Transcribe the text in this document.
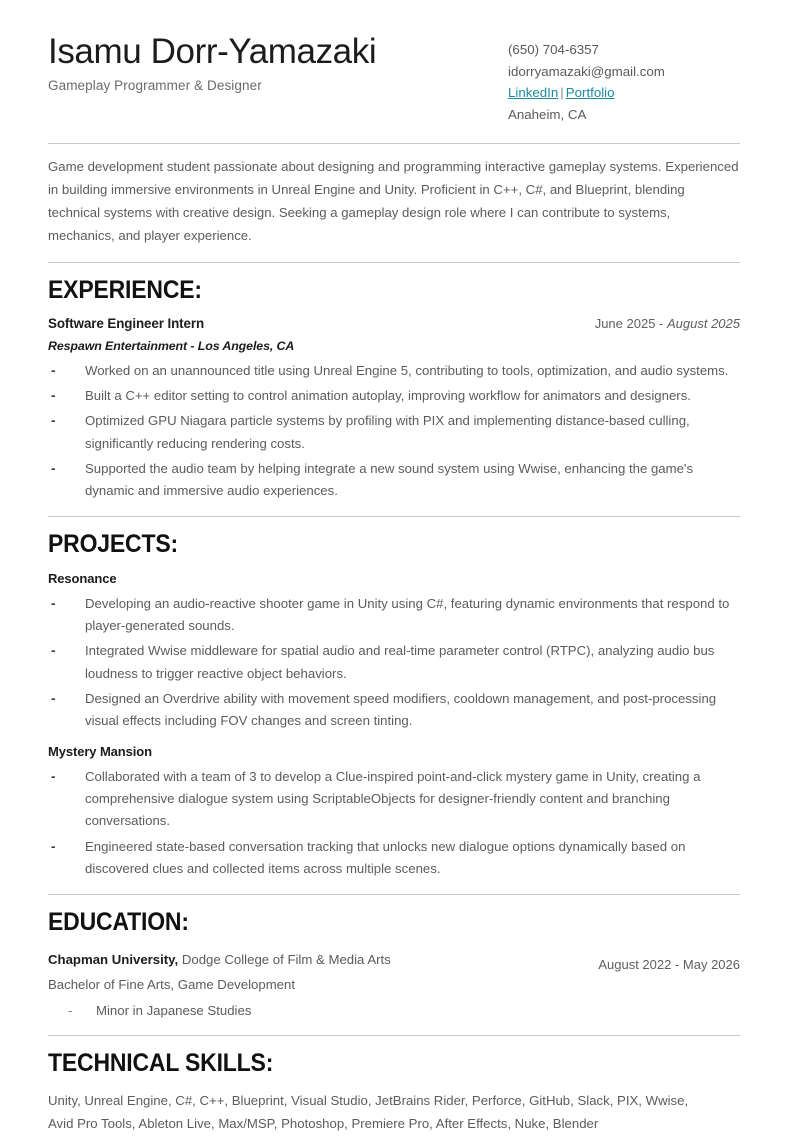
Isamu Dorr-Yamazaki
Gameplay Programmer & Designer
(650) 704-6357
idorryamazaki@gmail.com
LinkedIn | Portfolio
Anaheim, CA
Game development student passionate about designing and programming interactive gameplay systems. Experienced in building immersive environments in Unreal Engine and Unity. Proficient in C++, C#, and Blueprint, blending technical systems with creative design. Seeking a gameplay design role where I can contribute to systems, mechanics, and player experience.
EXPERIENCE:
Software Engineer Intern	June 2025 - August 2025
Respawn Entertainment - Los Angeles, CA
- Worked on an unannounced title using Unreal Engine 5, contributing to tools, optimization, and audio systems.
- Built a C++ editor setting to control animation autoplay, improving workflow for animators and designers.
- Optimized GPU Niagara particle systems by profiling with PIX and implementing distance-based culling, significantly reducing rendering costs.
- Supported the audio team by helping integrate a new sound system using Wwise, enhancing the game's dynamic and immersive audio experiences.
PROJECTS:
Resonance
- Developing an audio-reactive shooter game in Unity using C#, featuring dynamic environments that respond to player-generated sounds.
- Integrated Wwise middleware for spatial audio and real-time parameter control (RTPC), analyzing audio bus loudness to trigger reactive object behaviors.
- Designed an Overdrive ability with movement speed modifiers, cooldown management, and post-processing visual effects including FOV changes and screen tinting.
Mystery Mansion
- Collaborated with a team of 3 to develop a Clue-inspired point-and-click mystery game in Unity, creating a comprehensive dialogue system using ScriptableObjects for designer-friendly content and branching conversations.
- Engineered state-based conversation tracking that unlocks new dialogue options dynamically based on discovered clues and collected items across multiple scenes.
EDUCATION:
Chapman University, Dodge College of Film & Media Arts
Bachelor of Fine Arts, Game Development
August 2022 - May 2026
- Minor in Japanese Studies
TECHNICAL SKILLS:
Unity, Unreal Engine, C#, C++, Blueprint, Visual Studio, JetBrains Rider, Perforce, GitHub, Slack, PIX, Wwise,
Avid Pro Tools, Ableton Live, Max/MSP, Photoshop, Premiere Pro, After Effects, Nuke, Blender
